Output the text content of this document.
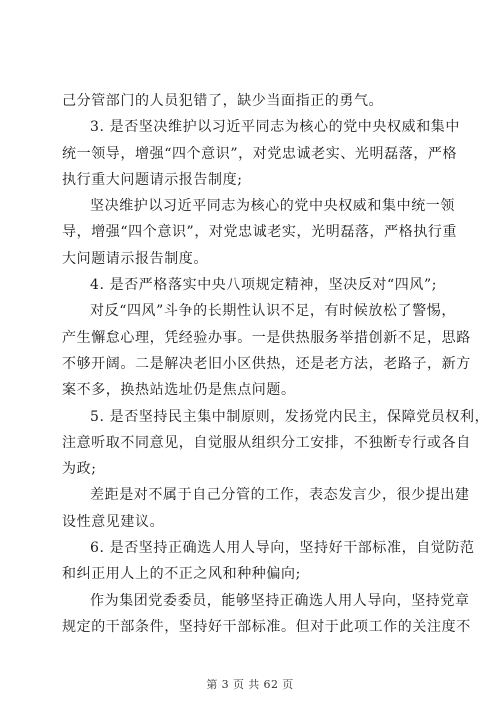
己分管部门的人员犯错了，缺少当面指正的勇气。
3. 是否坚决维护以习近平同志为核心的党中央权威和集中
统一领导，增强“四个意识”，对党忠诚老实、光明磊落，严格
执行重大问题请示报告制度;
坚决维护以习近平同志为核心的党中央权威和集中统一领
导，增强“四个意识”，对党忠诚老实，光明磊落，严格执行重
大问题请示报告制度。
4. 是否严格落实中央八项规定精神，坚决反对“四风”;
对反“四风”斗争的长期性认识不足，有时候放松了警惕，
产生懈怠心理，凭经验办事。一是供热服务举措创新不足，思路
不够开阔。二是解决老旧小区供热，还是老方法，老路子，新方
案不多，换热站选址仍是焦点问题。
5. 是否坚持民主集中制原则，发扬党内民主，保障党员权利，
注意听取不同意见，自觉服从组织分工安排，不独断专行或各自
为政;
差距是对不属于自己分管的工作，表态发言少，很少提出建
设性意见建议。
6. 是否坚持正确选人用人导向，坚持好干部标准，自觉防范
和纠正用人上的不正之风和种种偏向;
作为集团党委委员，能够坚持正确选人用人导向，坚持党章
规定的干部条件，坚持好干部标准。但对于此项工作的关注度不
第 3 页 共 62 页
